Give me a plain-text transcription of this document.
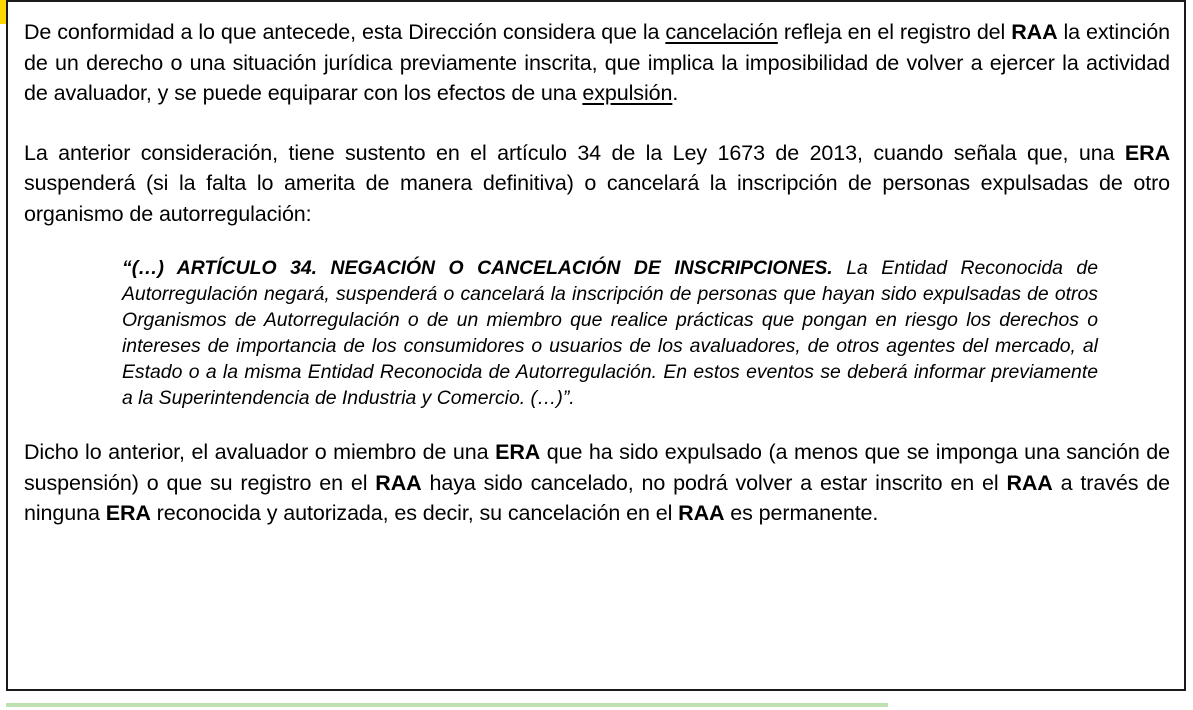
De conformidad a lo que antecede, esta Dirección considera que la cancelación refleja en el registro del RAA la extinción de un derecho o una situación jurídica previamente inscrita, que implica la imposibilidad de volver a ejercer la actividad de avaluador, y se puede equiparar con los efectos de una expulsión.

La anterior consideración, tiene sustento en el artículo 34 de la Ley 1673 de 2013, cuando señala que, una ERA suspenderá (si la falta lo amerita de manera definitiva) o cancelará la inscripción de personas expulsadas de otro organismo de autorregulación:

“(…) ARTÍCULO 34. NEGACIÓN O CANCELACIÓN DE INSCRIPCIONES. La Entidad Reconocida de Autorregulación negará, suspenderá o cancelará la inscripción de personas que hayan sido expulsadas de otros Organismos de Autorregulación o de un miembro que realice prácticas que pongan en riesgo los derechos o intereses de importancia de los consumidores o usuarios de los avaluadores, de otros agentes del mercado, al Estado o a la misma Entidad Reconocida de Autorregulación. En estos eventos se deberá informar previamente a la Superintendencia de Industria y Comercio. (…)”.

Dicho lo anterior, el avaluador o miembro de una ERA que ha sido expulsado (a menos que se imponga una sanción de suspensión) o que su registro en el RAA haya sido cancelado, no podrá volver a estar inscrito en el RAA a través de ninguna ERA reconocida y autorizada, es decir, su cancelación en el RAA es permanente.
